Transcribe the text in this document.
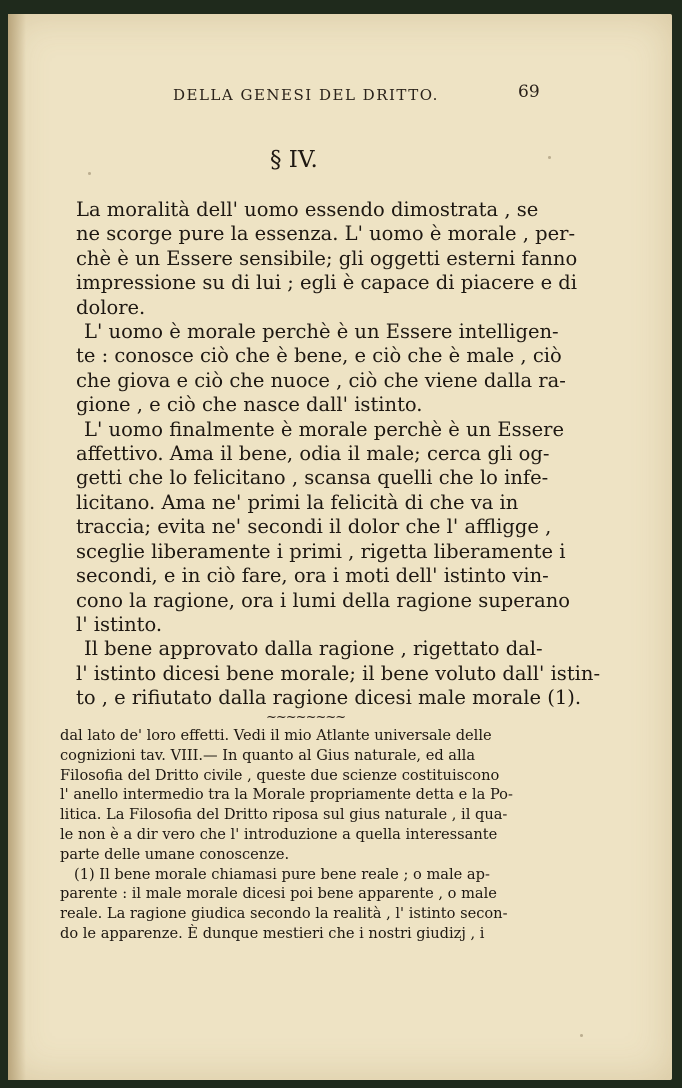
DELLA GENESI DEL DRITTO.	69
§ IV.
La moralità dell' uomo essendo dimostrata , se
ne scorge pure la essenza. L' uomo è morale , per-
chè è un Essere sensibile; gli oggetti esterni fanno
impressione su di lui ; egli è capace di piacere e di
dolore.
L' uomo è morale perchè è un Essere intelligen-
te : conosce ciò che è bene, e ciò che è male , ciò
che giova e ciò che nuoce , ciò che viene dalla ra-
gione , e ciò che nasce dall' istinto.
L' uomo finalmente è morale perchè è un Essere
affettivo. Ama il bene, odia il male; cerca gli og-
getti che lo felicitano , scansa quelli che lo infe-
licitano. Ama ne' primi la felicità di che va in
traccia; evita ne' secondi il dolor che l' affligge ,
sceglie liberamente i primi , rigetta liberamente i
secondi, e in ciò fare, ora i moti dell' istinto vin-
cono la ragione, ora i lumi della ragione superano
l' istinto.
Il bene approvato dalla ragione , rigettato dal-
l' istinto dicesi bene morale; il bene voluto dall' istin-
to , e rifiutato dalla ragione dicesi male morale (1).
~~~~~~~~
dal lato de' loro effetti. Vedi il mio Atlante universale delle
cognizioni tav. VIII.— In quanto al Gius naturale, ed alla
Filosofia del Dritto civile , queste due scienze costituiscono
l' anello intermedio tra la Morale propriamente detta e la Po-
litica. La Filosofia del Dritto riposa sul gius naturale , il qua-
le non è a dir vero che l' introduzione a quella interessante
parte delle umane conoscenze.
(1) Il bene morale chiamasi pure bene reale ; o male ap-
parente : il male morale dicesi poi bene apparente , o male
reale. La ragione giudica secondo la realità , l' istinto secon-
do le apparenze. È dunque mestieri che i nostri giudizj , i
